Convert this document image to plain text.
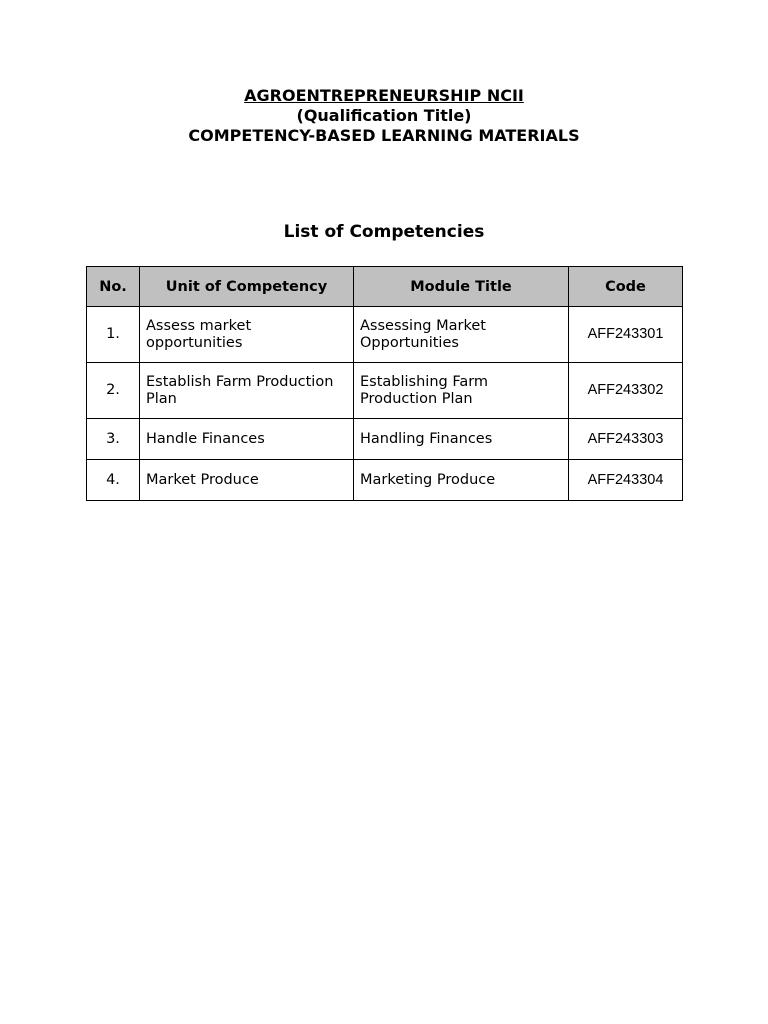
AGROENTREPRENEURSHIP NCII
(Qualification Title)
COMPETENCY-BASED LEARNING MATERIALS
List of Competencies
No.	Unit of Competency	Module Title	Code
1.	Assess market opportunities	Assessing Market Opportunities	AFF243301
2.	Establish Farm Production Plan	Establishing Farm Production Plan	AFF243302
3.	Handle Finances	Handling Finances	AFF243303
4.	Market Produce	Marketing Produce	AFF243304
